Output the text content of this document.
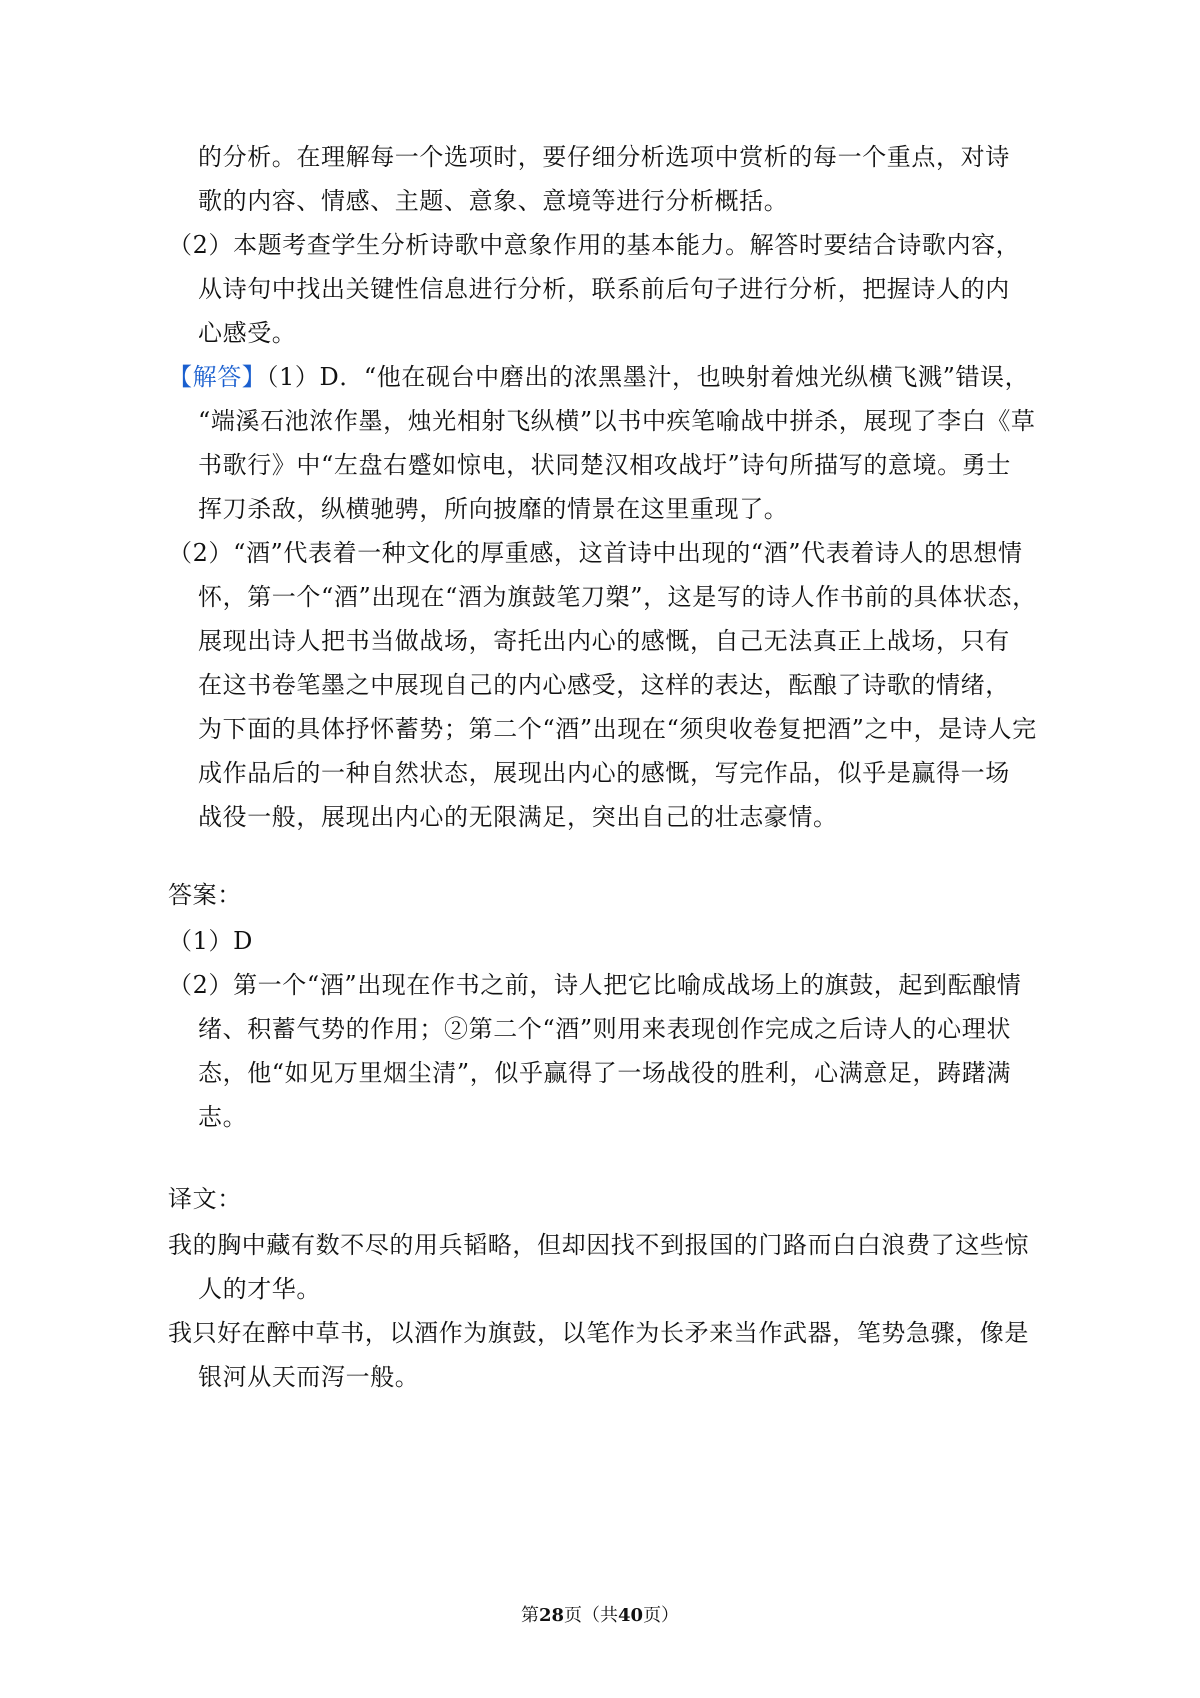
的分析。在理解每一个选项时，要仔细分析选项中赏析的每一个重点，对诗
歌的内容、情感、主题、意象、意境等进行分析概括。
（2）本题考查学生分析诗歌中意象作用的基本能力。解答时要结合诗歌内容，
从诗句中找出关键性信息进行分析，联系前后句子进行分析，把握诗人的内
心感受。
【解答】（1）D．“他在砚台中磨出的浓黑墨汁，也映射着烛光纵横飞溅”错误，
“端溪石池浓作墨，烛光相射飞纵横”以书中疾笔喻战中拼杀，展现了李白《草
书歌行》中“左盘右蹙如惊电，状同楚汉相攻战圩”诗句所描写的意境。勇士
挥刀杀敌，纵横驰骋，所向披靡的情景在这里重现了。
（2）“酒”代表着一种文化的厚重感，这首诗中出现的“酒”代表着诗人的思想情
怀，第一个“酒”出现在“酒为旗鼓笔刀槊”，这是写的诗人作书前的具体状态，
展现出诗人把书当做战场，寄托出内心的感慨，自己无法真正上战场，只有
在这书卷笔墨之中展现自己的内心感受，这样的表达，酝酿了诗歌的情绪，
为下面的具体抒怀蓄势；第二个“酒”出现在“须臾收卷复把酒”之中，是诗人完
成作品后的一种自然状态，展现出内心的感慨，写完作品，似乎是赢得一场
战役一般，展现出内心的无限满足，突出自己的壮志豪情。
答案：
（1）D
（2）第一个“酒”出现在作书之前，诗人把它比喻成战场上的旗鼓，起到酝酿情
绪、积蓄气势的作用；②第二个“酒”则用来表现创作完成之后诗人的心理状
态，他“如见万里烟尘清”，似乎赢得了一场战役的胜利，心满意足，踌躇满
志。
译文：
我的胸中藏有数不尽的用兵韬略，但却因找不到报国的门路而白白浪费了这些惊
人的才华。
我只好在醉中草书，以酒作为旗鼓，以笔作为长矛来当作武器，笔势急骤，像是
银河从天而泻一般。
第28页（共40页）
